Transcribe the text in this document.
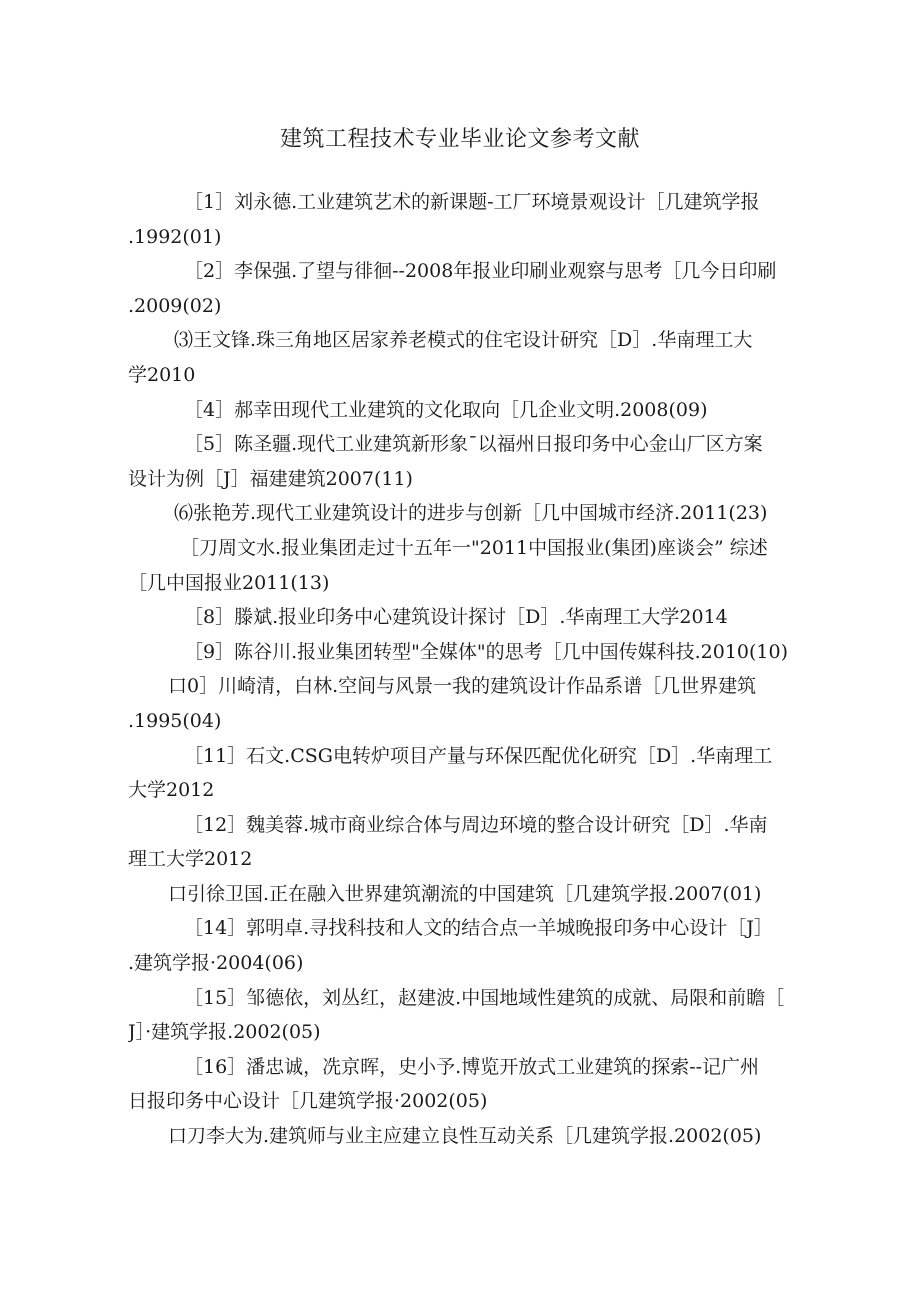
建筑工程技术专业毕业论文参考文献
［1］刘永德.工业建筑艺术的新课题-工厂环境景观设计［几建筑学报
.1992(01)
［2］李保强.了望与徘徊--2008年报业印刷业观察与思考［几今日印刷
.2009(02)
⑶王文锋.珠三角地区居家养老模式的住宅设计研究［D］.华南理工大
学2010
［4］郝幸田现代工业建筑的文化取向［几企业文明.2008(09)
［5］陈圣疆.现代工业建筑新形象¯以福州日报印务中心金山厂区方案
设计为例［J］福建建筑2007(11)
⑹张艳芳.现代工业建筑设计的进步与创新［几中国城市经济.2011(23)
［刀周文水.报业集团走过十五年一"2011中国报业(集团)座谈会” 综述
［几中国报业2011(13)
［8］滕斌.报业印务中心建筑设计探讨［D］.华南理工大学2014
［9］陈谷川.报业集团转型"全媒体"的思考［几中国传媒科技.2010(10)
口0］川崎清，白林.空间与风景一我的建筑设计作品系谱［几世界建筑
.1995(04)
［11］石文.CSG电转炉项目产量与环保匹配优化研究［D］.华南理工
大学2012
［12］魏美蓉.城市商业综合体与周边环境的整合设计研究［D］.华南
理工大学2012
口引徐卫国.正在融入世界建筑潮流的中国建筑［几建筑学报.2007(01)
［14］郭明卓.寻找科技和人文的结合点一羊城晚报印务中心设计［J］
.建筑学报·2004(06)
［15］邹德依，刘丛红，赵建波.中国地域性建筑的成就、局限和前瞻［
J］·建筑学报.2002(05)
［16］潘忠诚，冼京晖，史小予.博览开放式工业建筑的探索--记广州
日报印务中心设计［几建筑学报·2002(05)
口刀李大为.建筑师与业主应建立良性互动关系［几建筑学报.2002(05)
